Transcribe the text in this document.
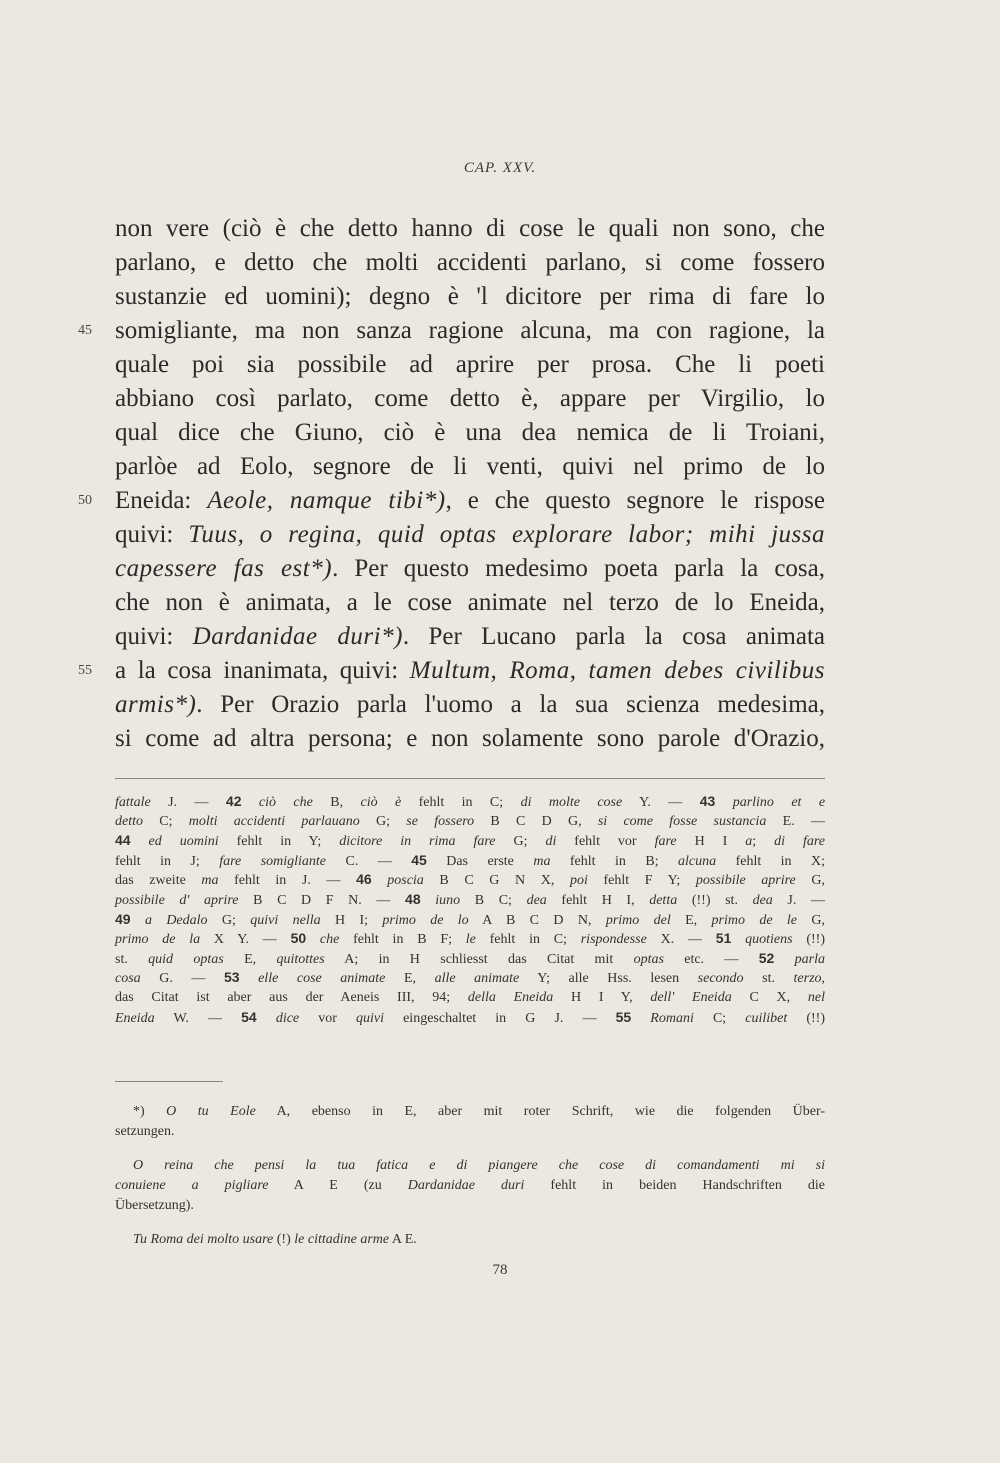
CAP. XXV.
non vere (ciò è che detto hanno di cose le quali non sono, che
parlano, e detto che molti accidenti parlano, si come fossero
sustanzie ed uomini); degno è 'l dicitore per rima di fare lo
45 somigliante, ma non sanza ragione alcuna, ma con ragione, la
quale poi sia possibile ad aprire per prosa. Che li poeti
abbiano così parlato, come detto è, appare per Virgilio, lo
qual dice che Giuno, ciò è una dea nemica de li Troiani,
parlòe ad Eolo, segnore de li venti, quivi nel primo de lo
50 Eneida: Aeole, namque tibi*), e che questo segnore le rispose
quivi: Tuus, o regina, quid optas explorare labor; mihi jussa
capessere fas est*). Per questo medesimo poeta parla la cosa,
che non è animata, a le cose animate nel terzo de lo Eneida,
quivi: Dardanidae duri*). Per Lucano parla la cosa animata
55 a la cosa inanimata, quivi: Multum, Roma, tamen debes civilibus
armis*). Per Orazio parla l'uomo a la sua scienza medesima,
si come ad altra persona; e non solamente sono parole d'Orazio,
fattale J. — 42 ciò che B, ciò è fehlt in C; di molte cose Y. — 43 parlino et e
detto C; molti accidenti parlauano G; se fossero B C D G, si come fosse sustancia E. —
44 ed uomini fehlt in Y; dicitore in rima fare G; di fehlt vor fare H I a; di fare
fehlt in J; fare somigliante C. — 45 Das erste ma fehlt in B; alcuna fehlt in X;
das zweite ma fehlt in J. — 46 poscia B C G N X, poi fehlt F Y; possibile aprire G,
possibile d' aprire B C D F N. — 48 iuno B C; dea fehlt H I, detta (!!) st. dea J. —
49 a Dedalo G; quivi nella H I; primo de lo A B C D N, primo del E, primo de le G,
primo de la X Y. — 50 che fehlt in B F; le fehlt in C; rispondesse X. — 51 quotiens (!!)
st. quid optas E, quitottes A; in H schliesst das Citat mit optas etc. — 52 parla
cosa G. — 53 elle cose animate E, alle animate Y; alle Hss. lesen secondo st. terzo,
das Citat ist aber aus der Aeneis III, 94; della Eneida H I Y, dell' Eneida C X, nel
Eneida W. — 54 dice vor quivi eingeschaltet in G J. — 55 Romani C; cuilibet (!!)
*) O tu Eole A, ebenso in E, aber mit roter Schrift, wie die folgenden Über-
setzungen.
O reina che pensi la tua fatica e di piangere che cose di comandamenti mi si
conuiene a pigliare A E (zu Dardanidae duri fehlt in beiden Handschriften die
Übersetzung).
Tu Roma dei molto usare (!) le cittadine arme A E.
78
